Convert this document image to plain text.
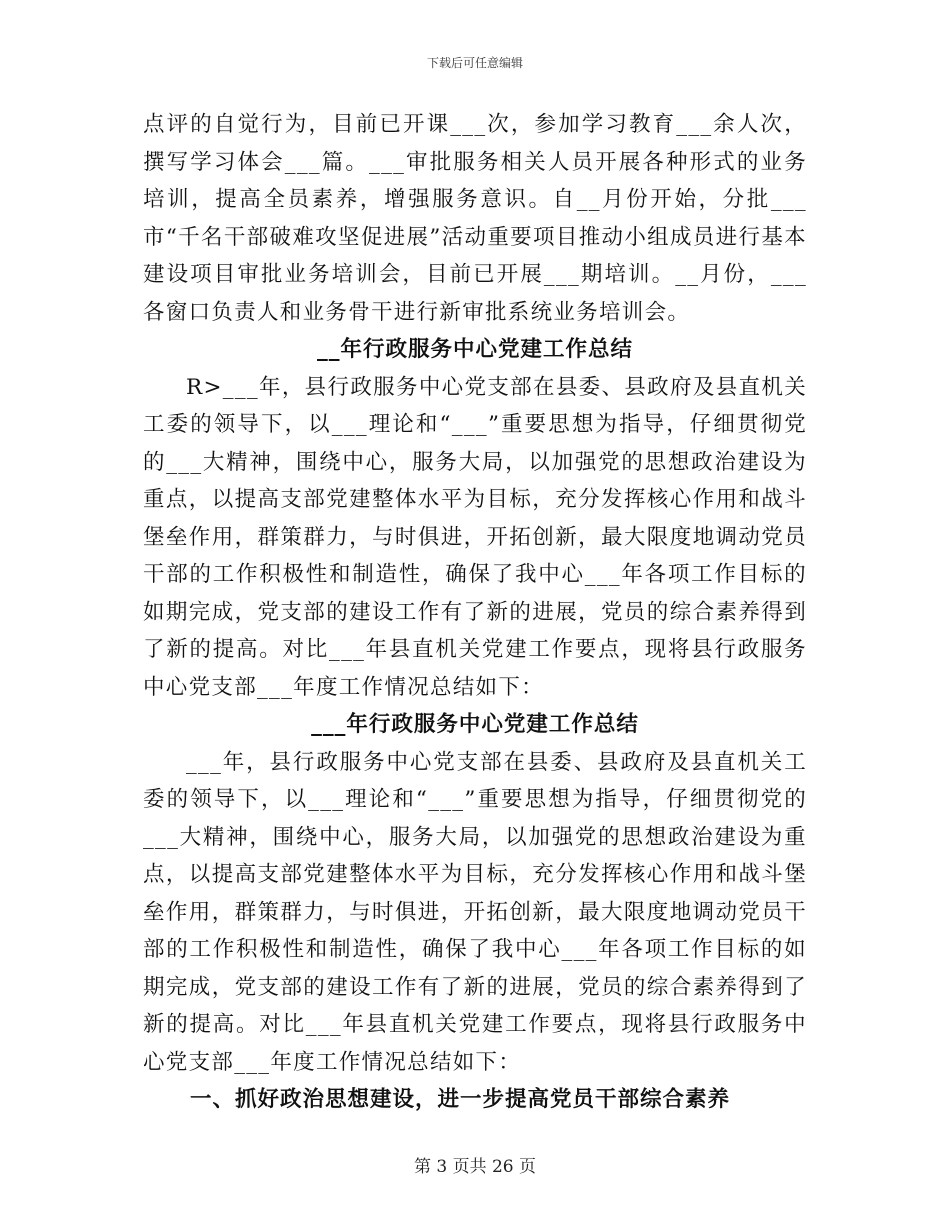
下载后可任意编辑

点评的自觉行为，目前已开课___次，参加学习教育___余人次，撰写学习体会___篇。___审批服务相关人员开展各种形式的业务培训，提高全员素养，增强服务意识。自__月份开始，分批___市“千名干部破难攻坚促进展”活动重要项目推动小组成员进行基本建设项目审批业务培训会，目前已开展___期培训。__月份，___各窗口负责人和业务骨干进行新审批系统业务培训会。

__年行政服务中心党建工作总结

R>___年，县行政服务中心党支部在县委、县政府及县直机关工委的领导下，以___理论和“___”重要思想为指导，仔细贯彻党的___大精神，围绕中心，服务大局，以加强党的思想政治建设为重点，以提高支部党建整体水平为目标，充分发挥核心作用和战斗堡垒作用，群策群力，与时俱进，开拓创新，最大限度地调动党员干部的工作积极性和制造性，确保了我中心___年各项工作目标的如期完成，党支部的建设工作有了新的进展，党员的综合素养得到了新的提高。对比___年县直机关党建工作要点，现将县行政服务中心党支部___年度工作情况总结如下：

___年行政服务中心党建工作总结

___年，县行政服务中心党支部在县委、县政府及县直机关工委的领导下，以___理论和“___”重要思想为指导，仔细贯彻党的___大精神，围绕中心，服务大局，以加强党的思想政治建设为重点，以提高支部党建整体水平为目标，充分发挥核心作用和战斗堡垒作用，群策群力，与时俱进，开拓创新，最大限度地调动党员干部的工作积极性和制造性，确保了我中心___年各项工作目标的如期完成，党支部的建设工作有了新的进展，党员的综合素养得到了新的提高。对比___年县直机关党建工作要点，现将县行政服务中心党支部___年度工作情况总结如下：

一、抓好政治思想建设，进一步提高党员干部综合素养
第 3 页共 26 页
